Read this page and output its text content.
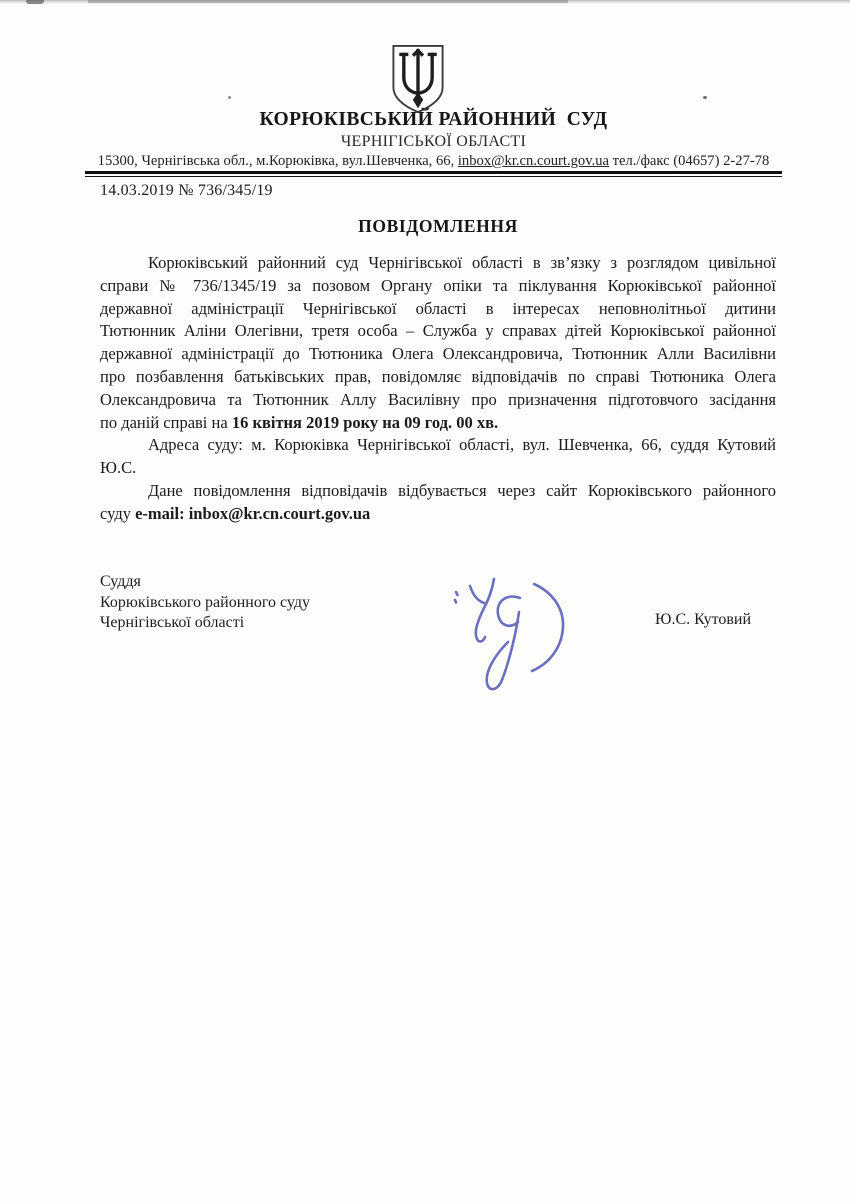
КОРЮКІВСЬКИЙ РАЙОННИЙ  СУД
ЧЕРНІГІСЬКОЇ ОБЛАСТІ
15300, Чернігівська обл., м.Корюківка, вул.Шевченка, 66, inbox@kr.cn.court.gov.ua тел./факс (04657) 2-27-78
14.03.2019 № 736/345/19
ПОВІДОМЛЕННЯ
Корюківський районний суд Чернігівської області в зв’язку з розглядом цивільної
справи № 736/1345/19 за позовом Органу опіки та піклування Корюківської районної
державної адміністрації Чернігівської області в інтересах неповнолітньої дитини
Тютюнник Аліни Олегівни, третя особа – Служба у справах дітей Корюківської районної
державної адміністрації до Тютюника Олега Олександровича, Тютюнник Алли Василівни
про позбавлення батьківських прав, повідомляє відповідачів по справі Тютюника Олега
Олександровича та Тютюнник Аллу Василівну про призначення підготовчого засідання
по даній справі на 16 квітня 2019 року на 09 год. 00 хв.
Адреса суду: м. Корюківка Чернігівської області, вул. Шевченка, 66, суддя Кутовий
Ю.С.
Дане повідомлення відповідачів відбувається через сайт Корюківського районного
суду e-mail: inbox@kr.cn.court.gov.ua
Суддя
Корюківського районного суду
Чернігівської області	Ю.С. Кутовий
